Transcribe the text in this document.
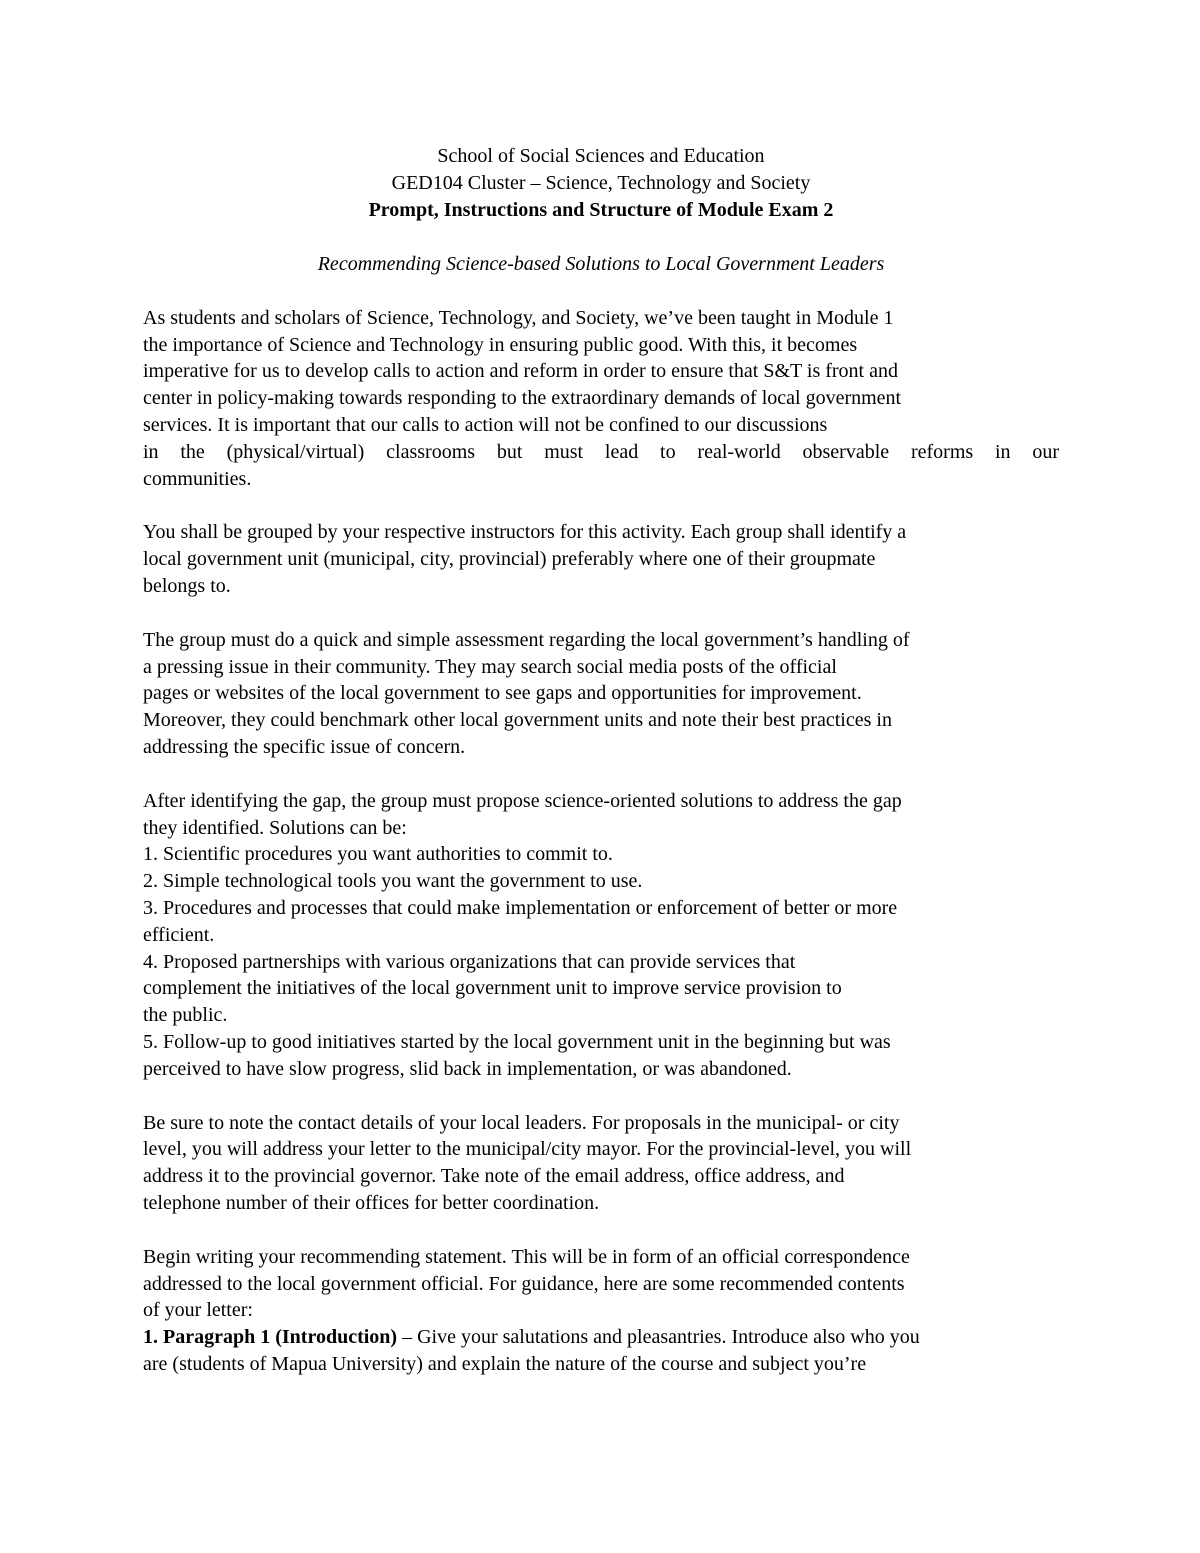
School of Social Sciences and Education
GED104 Cluster – Science, Technology and Society
Prompt, Instructions and Structure of Module Exam 2
Recommending Science-based Solutions to Local Government Leaders
As students and scholars of Science, Technology, and Society, we’ve been taught in Module 1
the importance of Science and Technology in ensuring public good. With this, it becomes
imperative for us to develop calls to action and reform in order to ensure that S&T is front and
center in policy-making towards responding to the extraordinary demands of local government
services. It is important that our calls to action will not be confined to our discussions
in the (physical/virtual) classrooms but must lead to real-world observable reforms in our
communities.
You shall be grouped by your respective instructors for this activity. Each group shall identify a
local government unit (municipal, city, provincial) preferably where one of their groupmate
belongs to.
The group must do a quick and simple assessment regarding the local government’s handling of
a pressing issue in their community. They may search social media posts of the official
pages or websites of the local government to see gaps and opportunities for improvement.
Moreover, they could benchmark other local government units and note their best practices in
addressing the specific issue of concern.
After identifying the gap, the group must propose science-oriented solutions to address the gap
they identified. Solutions can be:
1. Scientific procedures you want authorities to commit to.
2. Simple technological tools you want the government to use.
3. Procedures and processes that could make implementation or enforcement of better or more
efficient.
4. Proposed partnerships with various organizations that can provide services that
complement the initiatives of the local government unit to improve service provision to
the public.
5. Follow-up to good initiatives started by the local government unit in the beginning but was
perceived to have slow progress, slid back in implementation, or was abandoned.
Be sure to note the contact details of your local leaders. For proposals in the municipal- or city
level, you will address your letter to the municipal/city mayor. For the provincial-level, you will
address it to the provincial governor. Take note of the email address, office address, and
telephone number of their offices for better coordination.
Begin writing your recommending statement. This will be in form of an official correspondence
addressed to the local government official. For guidance, here are some recommended contents
of your letter:
1. Paragraph 1 (Introduction) – Give your salutations and pleasantries. Introduce also who you
are (students of Mapua University) and explain the nature of the course and subject you’re
